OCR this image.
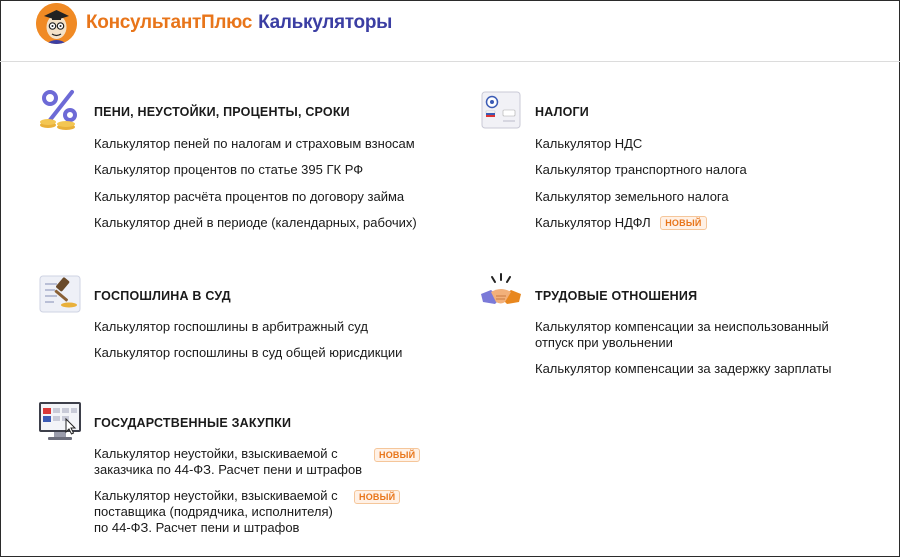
КонсультантПлюс Калькуляторы
ПЕНИ, НЕУСТОЙКИ, ПРОЦЕНТЫ, СРОКИ
Калькулятор пеней по налогам и страховым взносам
Калькулятор процентов по статье 395 ГК РФ
Калькулятор расчёта процентов по договору займа
Калькулятор дней в периоде (календарных, рабочих)
НАЛОГИ
Калькулятор НДС
Калькулятор транспортного налога
Калькулятор земельного налога
Калькулятор НДФЛ НОВЫЙ
ГОСПОШЛИНА В СУД
Калькулятор госпошлины в арбитражный суд
Калькулятор госпошлины в суд общей юрисдикции
ТРУДОВЫЕ ОТНОШЕНИЯ
Калькулятор компенсации за неиспользованный
отпуск при увольнении
Калькулятор компенсации за задержку зарплаты
ГОСУДАРСТВЕННЫЕ ЗАКУПКИ
Калькулятор неустойки, взыскиваемой с
заказчика по 44-ФЗ. Расчет пени и штрафов
НОВЫЙ
Калькулятор неустойки, взыскиваемой с
поставщика (подрядчика, исполнителя)
по 44-ФЗ. Расчет пени и штрафов
НОВЫЙ
